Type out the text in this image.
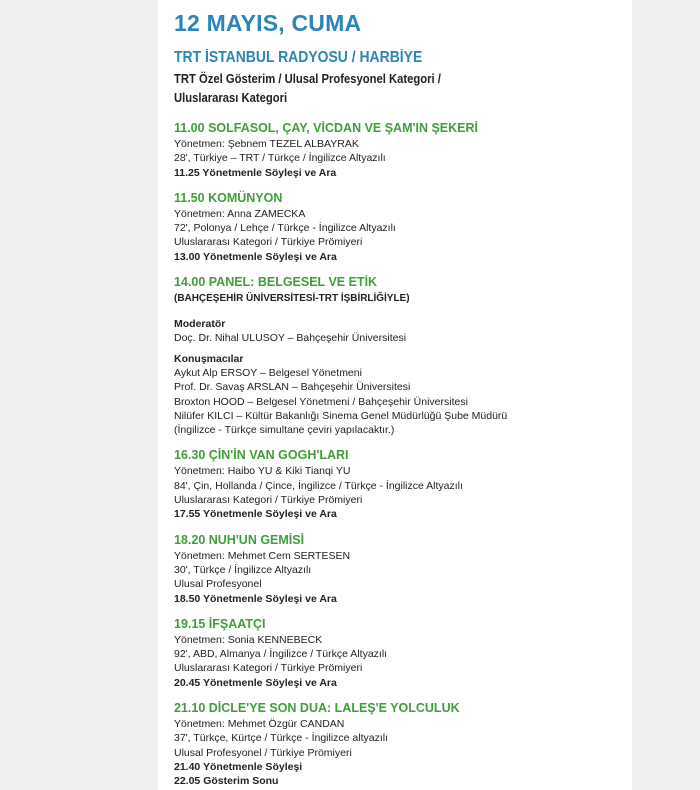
12 MAYIS, CUMA
TRT İSTANBUL RADYOSU / HARBİYE
TRT Özel Gösterim / Ulusal Profesyonel Kategori /
Uluslararası Kategori
11.00 SOLFASOL, ÇAY, VİCDAN VE ŞAM'IN ŞEKERİ
Yönetmen: Şebnem TEZEL ALBAYRAK
28', Türkiye – TRT / Türkçe / İngilizce Altyazılı
11.25 Yönetmenle Söyleşi ve Ara
11.50 KOMÜNYON
Yönetmen: Anna ZAMECKA
72', Polonya / Lehçe / Türkçe - İngilizce Altyazılı
Uluslararası Kategori / Türkiye Prömiyeri
13.00 Yönetmenle Söyleşi ve Ara
14.00 PANEL: BELGESEL VE ETİK
(BAHÇEŞEHİR ÜNİVERSİTESİ-TRT İŞBİRLİĞİYLE)
Moderatör
Doç. Dr. Nihal ULUSOY – Bahçeşehir Üniversitesi
Konuşmacılar
Aykut Alp ERSOY – Belgesel Yönetmeni
Prof. Dr. Savaş ARSLAN – Bahçeşehir Üniversitesi
Broxton HOOD – Belgesel Yönetmeni / Bahçeşehir Üniversitesi
Nilüfer KILCI – Kültür Bakanlığı Sinema Genel Müdürlüğü Şube Müdürü
(İngilizce - Türkçe simultane çeviri yapılacaktır.)
16.30 ÇİN'İN VAN GOGH'LARI
Yönetmen: Haibo YU & Kiki Tianqi YU
84', Çin, Hollanda / Çince, İngilizce / Türkçe - İngilizce Altyazılı
Uluslararası Kategori / Türkiye Prömiyeri
17.55 Yönetmenle Söyleşi ve Ara
18.20 NUH'UN GEMİSİ
Yönetmen: Mehmet Cem SERTESEN
30', Türkçe / İngilizce Altyazılı
Ulusal Profesyonel
18.50 Yönetmenle Söyleşi ve Ara
19.15 İFŞAATÇI
Yönetmen: Sonia KENNEBECK
92', ABD, Almanya / İngilizce / Türkçe Altyazılı
Uluslararası Kategori / Türkiye Prömiyeri
20.45 Yönetmenle Söyleşi ve Ara
21.10 DİCLE'YE SON DUA: LALEŞ'E YOLCULUK
Yönetmen: Mehmet Özgür CANDAN
37', Türkçe, Kürtçe / Türkçe - İngilizce altyazılı
Ulusal Profesyonel / Türkiye Prömiyeri
21.40 Yönetmenle Söyleşi
22.05 Gösterim Sonu
